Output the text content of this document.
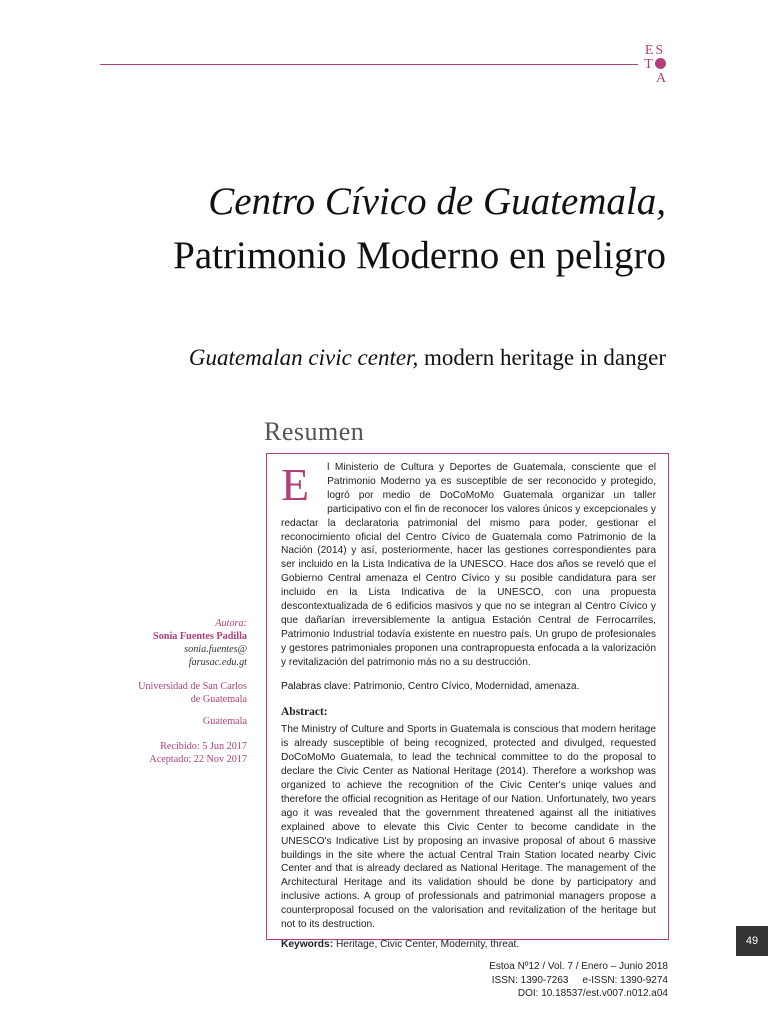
ES
T
A
Centro Cívico de Guatemala, Patrimonio Moderno en peligro
Guatemalan civic center, modern heritage in danger
Resumen

E	l Ministerio de Cultura y Deportes de Guatemala, consciente que el Patrimonio Moderno ya es susceptible de ser reconocido y protegido, logró por medio de DoCoMoMo Guatemala organizar un taller participativo con el fin de reconocer los valores únicos y excepcionales y redactar la declaratoria patrimonial del mismo para poder, gestionar el reconocimiento oficial del Centro Cívico de Guatemala como Patrimonio de la Nación (2014) y así, posteriormente, hacer las gestiones correspondientes para ser incluido en la Lista Indicativa de la UNESCO. Hace dos años se reveló que el Gobierno Central amenaza el Centro Cívico y su posible candidatura para ser incluido en la Lista Indicativa de la UNESCO, con una propuesta descontextualizada de 6 edificios masivos y que no se integran al Centro Cívico y que dañarían irreversiblemente la antigua Estación Central de Ferrocarriles, Patrimonio Industrial todavía existente en nuestro país. Un grupo de profesionales y gestores patrimoniales proponen una contrapropuesta enfocada a la valorización y revitalización del patrimonio más no a su destrucción.

Palabras clave: Patrimonio, Centro Cívico, Modernidad, amenaza.

Abstract:

The Ministry of Culture and Sports in Guatemala is conscious that modern heritage is already susceptible of being recognized, protected and divulged, requested DoCoMoMo Guatemala, to lead the technical committee to do the proposal to declare the Civic Center as National Heritage (2014). Therefore a workshop was organized to achieve the recognition of the Civic Center's uniqe values and therefore the official recognition as Heritage of our Nation. Unfortunately, two years ago it was revealed that the government threatened against all the initiatives explained above to elevate this Civic Center to become candidate in the UNESCO's Indicative List by proposing an invasive proposal of about 6 massive buildings in the site where the actual Central Train Station located nearby Civic Center and that is already declared as National Heritage. The management of the Architectural Heritage and its validation should be done by participatory and inclusive actions. A group of professionals and patrimonial managers propose a counterproposal focused on the valorisation and revitalization of the heritage but not to its destruction.

Keywords: Heritage, Civic Center, Modernity, threat.

Autora:
Sonia Fuentes Padilla
sonia.fuentes@
farusac.edu.gt
Universidad de San Carlos
de Guatemala
Guatemala
Recibido: 5 Jun 2017
Aceptado: 22 Nov 2017
49
Estoa Nº12 / Vol. 7 / Enero – Junio 2018
ISSN: 1390-7263     e-ISSN: 1390-9274
DOI: 10.18537/est.v007.n012.a04
